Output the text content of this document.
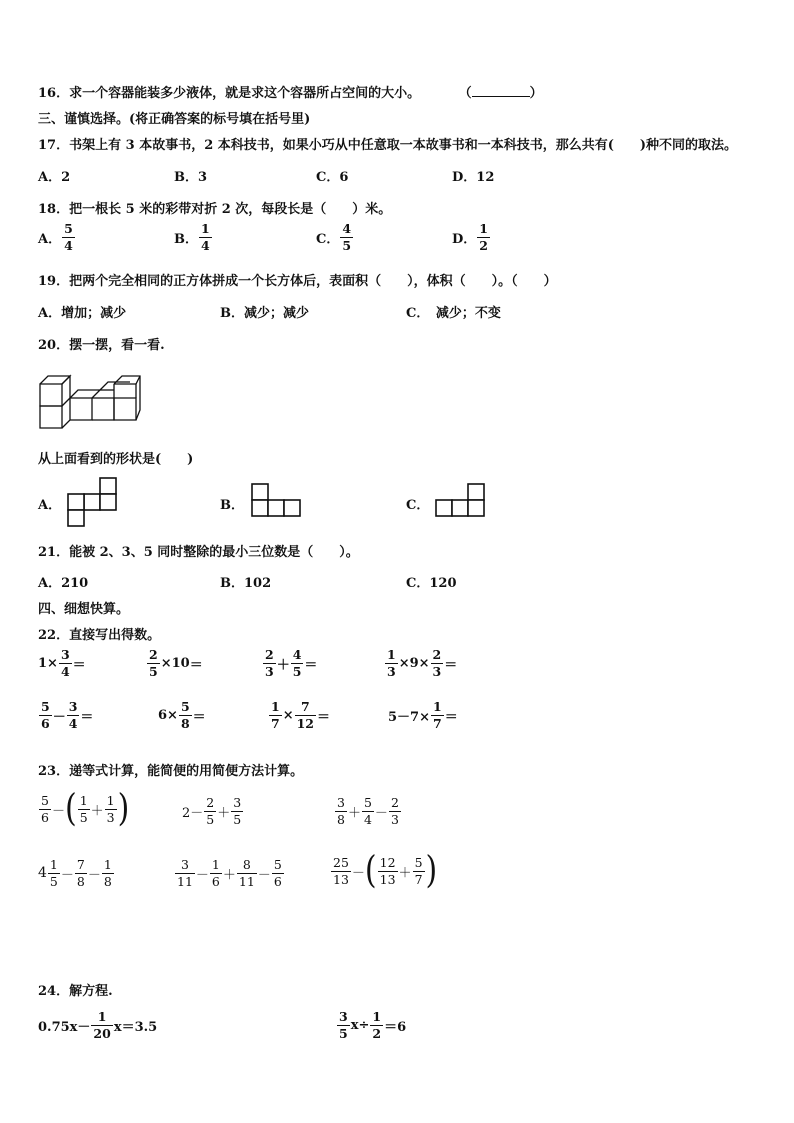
16．求一个容器能装多少液体，就是求这个容器所占空间的大小。	（	）
三、谨慎选择。(将正确答案的标号填在括号里)
17．书架上有 3 本故事书，2 本科技书，如果小巧从中任意取一本故事书和一本科技书，那么共有(　　)种不同的取法。
A．2	B．3	C．6	D．12
18．把一根长 5 米的彩带对折 2 次，每段长是（　　）米。
A． $\frac{5}{4}$	B． $\frac{1}{4}$	C． $\frac{4}{5}$	D． $\frac{1}{2}$
19．把两个完全相同的正方体拼成一个长方体后，表面积（　　），体积（　　）。（　　）
A．增加；减少	B．减少；减少	C．　减少；不变
20．摆一摆，看一看.
从上面看到的形状是(　　)
A．	B．	C．
21．能被 2、3、5 同时整除的最小三位数是（　　）。
A．210	B．102	C．120
四、细想快算。
22．直接写出得数。
$1\times \frac{3}{4}$ ＝	$\frac{2}{5} \times 10$ ＝	$\frac{2}{3} + \frac{4}{5}$ ＝	$\frac{1}{3} \times 9\times \frac{2}{3}$ ＝
$\frac{5}{6} - \frac{3}{4}$ ＝	$6\times \frac{5}{8}$ ＝	$\frac{1}{7} \times \frac{7}{12}$ ＝	$5-7\times \frac{1}{7}$ ＝
23．递等式计算，能简便的用简便方法计算。
$\frac{5}{6}$ － ( $\frac{1}{5} + \frac{1}{3}$ )	$2- \frac{2}{5} + \frac{3}{5}$	$\frac{3}{8} + \frac{5}{4} - \frac{2}{3}$
$4 \frac{1}{5} - \frac{7}{8} - \frac{1}{8}$	$\frac{3}{11} - \frac{1}{6} + \frac{8}{11} - \frac{5}{6}$	$\frac{25}{13}$ － ( $\frac{12}{13} + \frac{5}{7}$ )
24．解方程.
$0.75x- \frac{1}{20} x=3.5$	$\frac{3}{5} x\div \frac{1}{2} =6$
